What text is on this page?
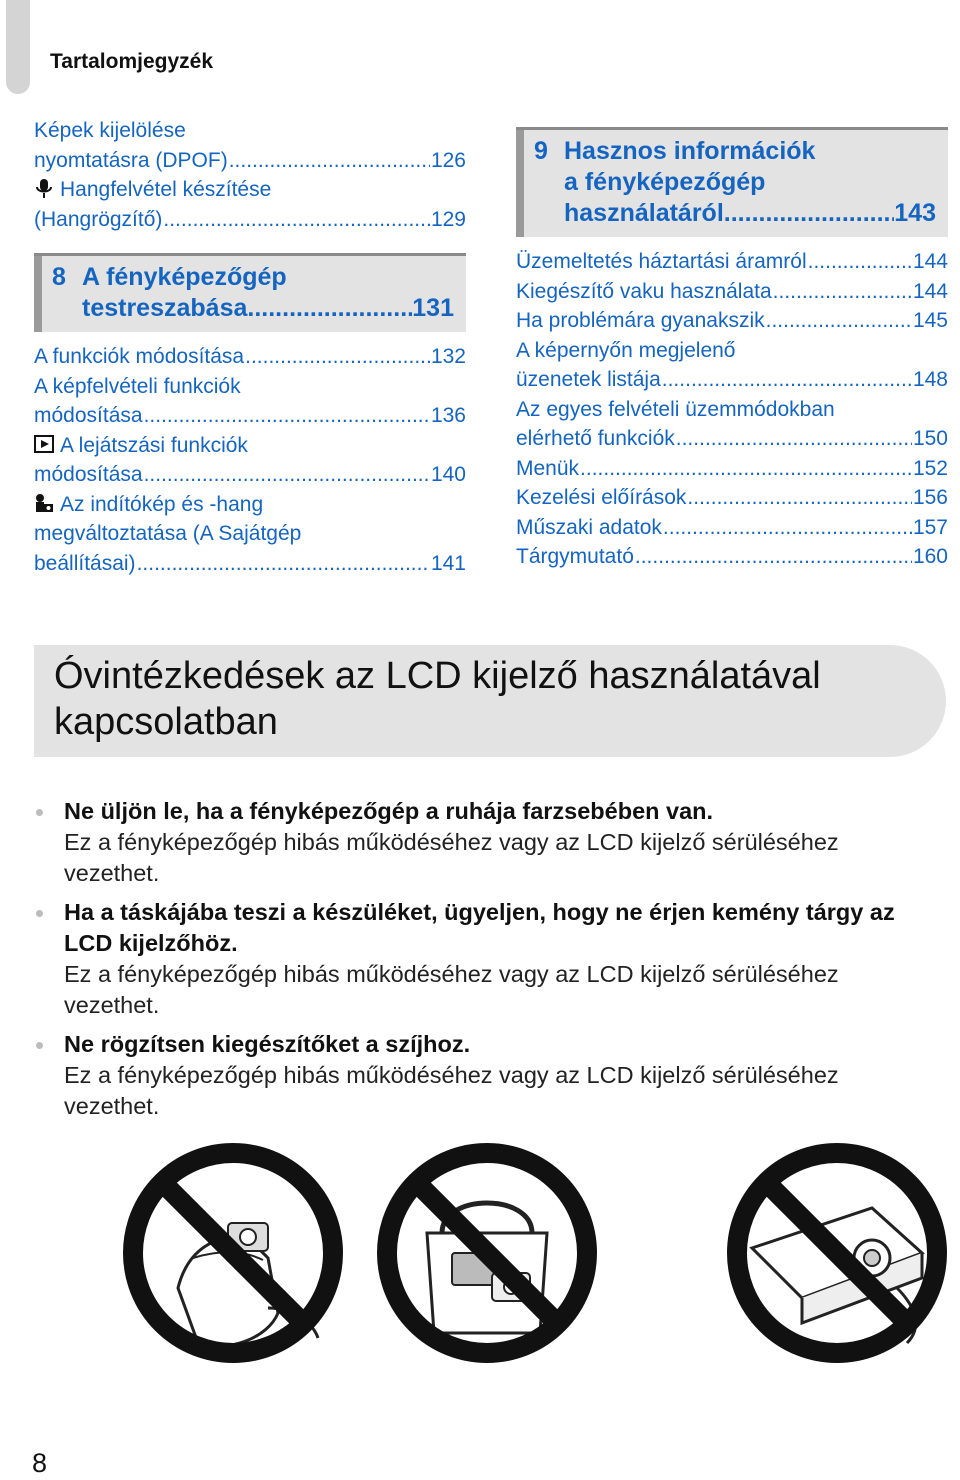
Tartalomjegyzék
Képek kijelölése
nyomtatásra (DPOF) .....	126
Hangfelvétel készítése
(Hangrögzítő) .....	129
8 A fényképezőgép
testreszabása .....	131
A funkciók módosítása .....	132
A képfelvételi funkciók
módosítása .....	136
A lejátszási funkciók
módosítása .....	140
Az indítókép és -hang
megváltoztatása (A Sajátgép
beállításai) .....	141
9 Hasznos információk
a fényképezőgép
használatáról .....	143
Üzemeltetés háztartási áramról .....	144
Kiegészítő vaku használata .....	144
Ha problémára gyanakszik .....	145
A képernyőn megjelenő
üzenetek listája .....	148
Az egyes felvételi üzemmódokban
elérhető funkciók .....	150
Menük .....	152
Kezelési előírások .....	156
Műszaki adatok .....	157
Tárgymutató .....	160
Óvintézkedések az LCD kijelző használatával kapcsolatban
Ne üljön le, ha a fényképezőgép a ruhája farzsebében van.
Ez a fényképezőgép hibás működéséhez vagy az LCD kijelző sérüléséhez vezethet.
Ha a táskájába teszi a készüléket, ügyeljen, hogy ne érjen kemény tárgy az LCD kijelzőhöz.
Ez a fényképezőgép hibás működéséhez vagy az LCD kijelző sérüléséhez vezethet.
Ne rögzítsen kiegészítőket a szíjhoz.
Ez a fényképezőgép hibás működéséhez vagy az LCD kijelző sérüléséhez vezethet.
8
